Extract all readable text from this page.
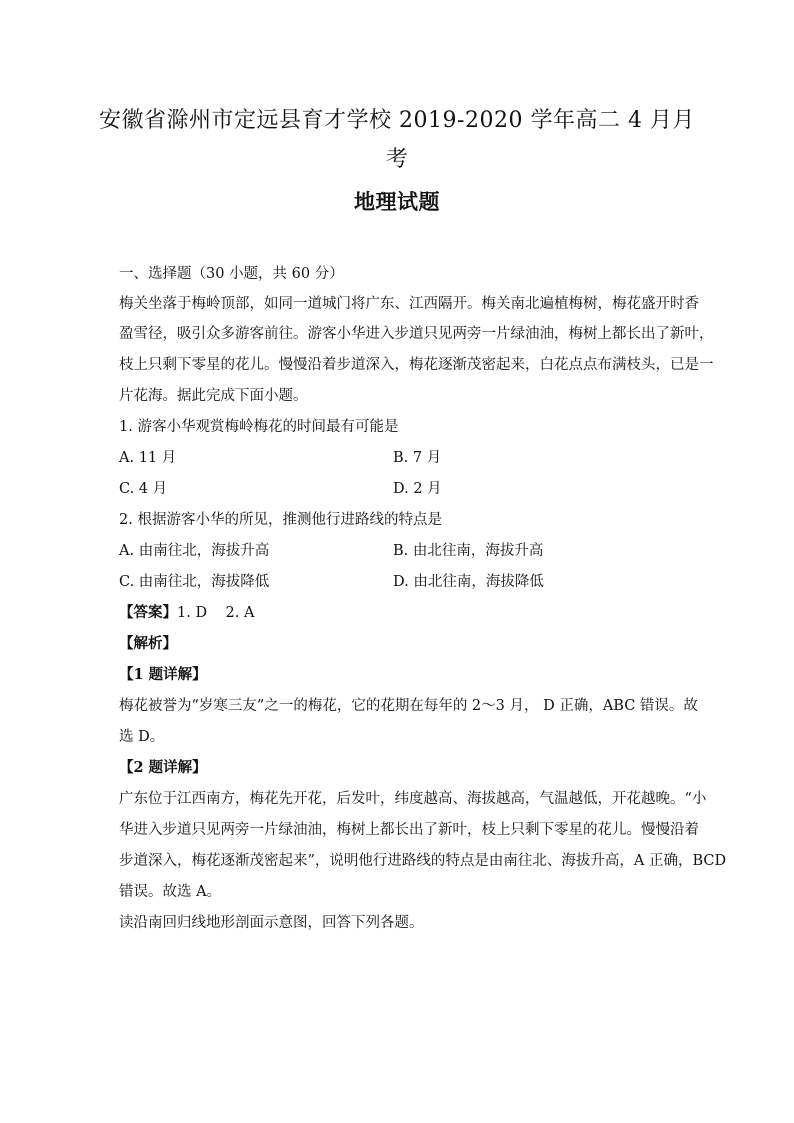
安徽省滁州市定远县育才学校 2019-2020 学年高二 4 月月
考
地理试题
一、选择题（30 小题，共 60 分）
梅关坐落于梅岭顶部，如同一道城门将广东、江西隔开。梅关南北遍植梅树，梅花盛开时香
盈雪径，吸引众多游客前往。游客小华进入步道只见两旁一片绿油油，梅树上都长出了新叶，
枝上只剩下零星的花儿。慢慢沿着步道深入，梅花逐渐茂密起来，白花点点布满枝头，已是一
片花海。据此完成下面小题。
1. 游客小华观赏梅岭梅花的时间最有可能是
A. 11 月	B. 7 月
C. 4 月	D. 2 月
2. 根据游客小华的所见，推测他行进路线的特点是
A. 由南往北，海拔升高	B. 由北往南，海拔升高
C. 由南往北，海拔降低	D. 由北往南，海拔降低
【答案】1. D    2. A
【解析】
【1 题详解】
梅花被誉为“岁寒三友”之一的梅花，它的花期在每年的 2～3 月， D 正确，ABC 错误。故
选 D。
【2 题详解】
广东位于江西南方，梅花先开花，后发叶，纬度越高、海拔越高，气温越低，开花越晚。“小
华进入步道只见两旁一片绿油油，梅树上都长出了新叶，枝上只剩下零星的花儿。慢慢沿着
步道深入，梅花逐渐茂密起来”，说明他行进路线的特点是由南往北、海拔升高，A 正确，BCD
错误。故选 A。
读沿南回归线地形剖面示意图，回答下列各题。
